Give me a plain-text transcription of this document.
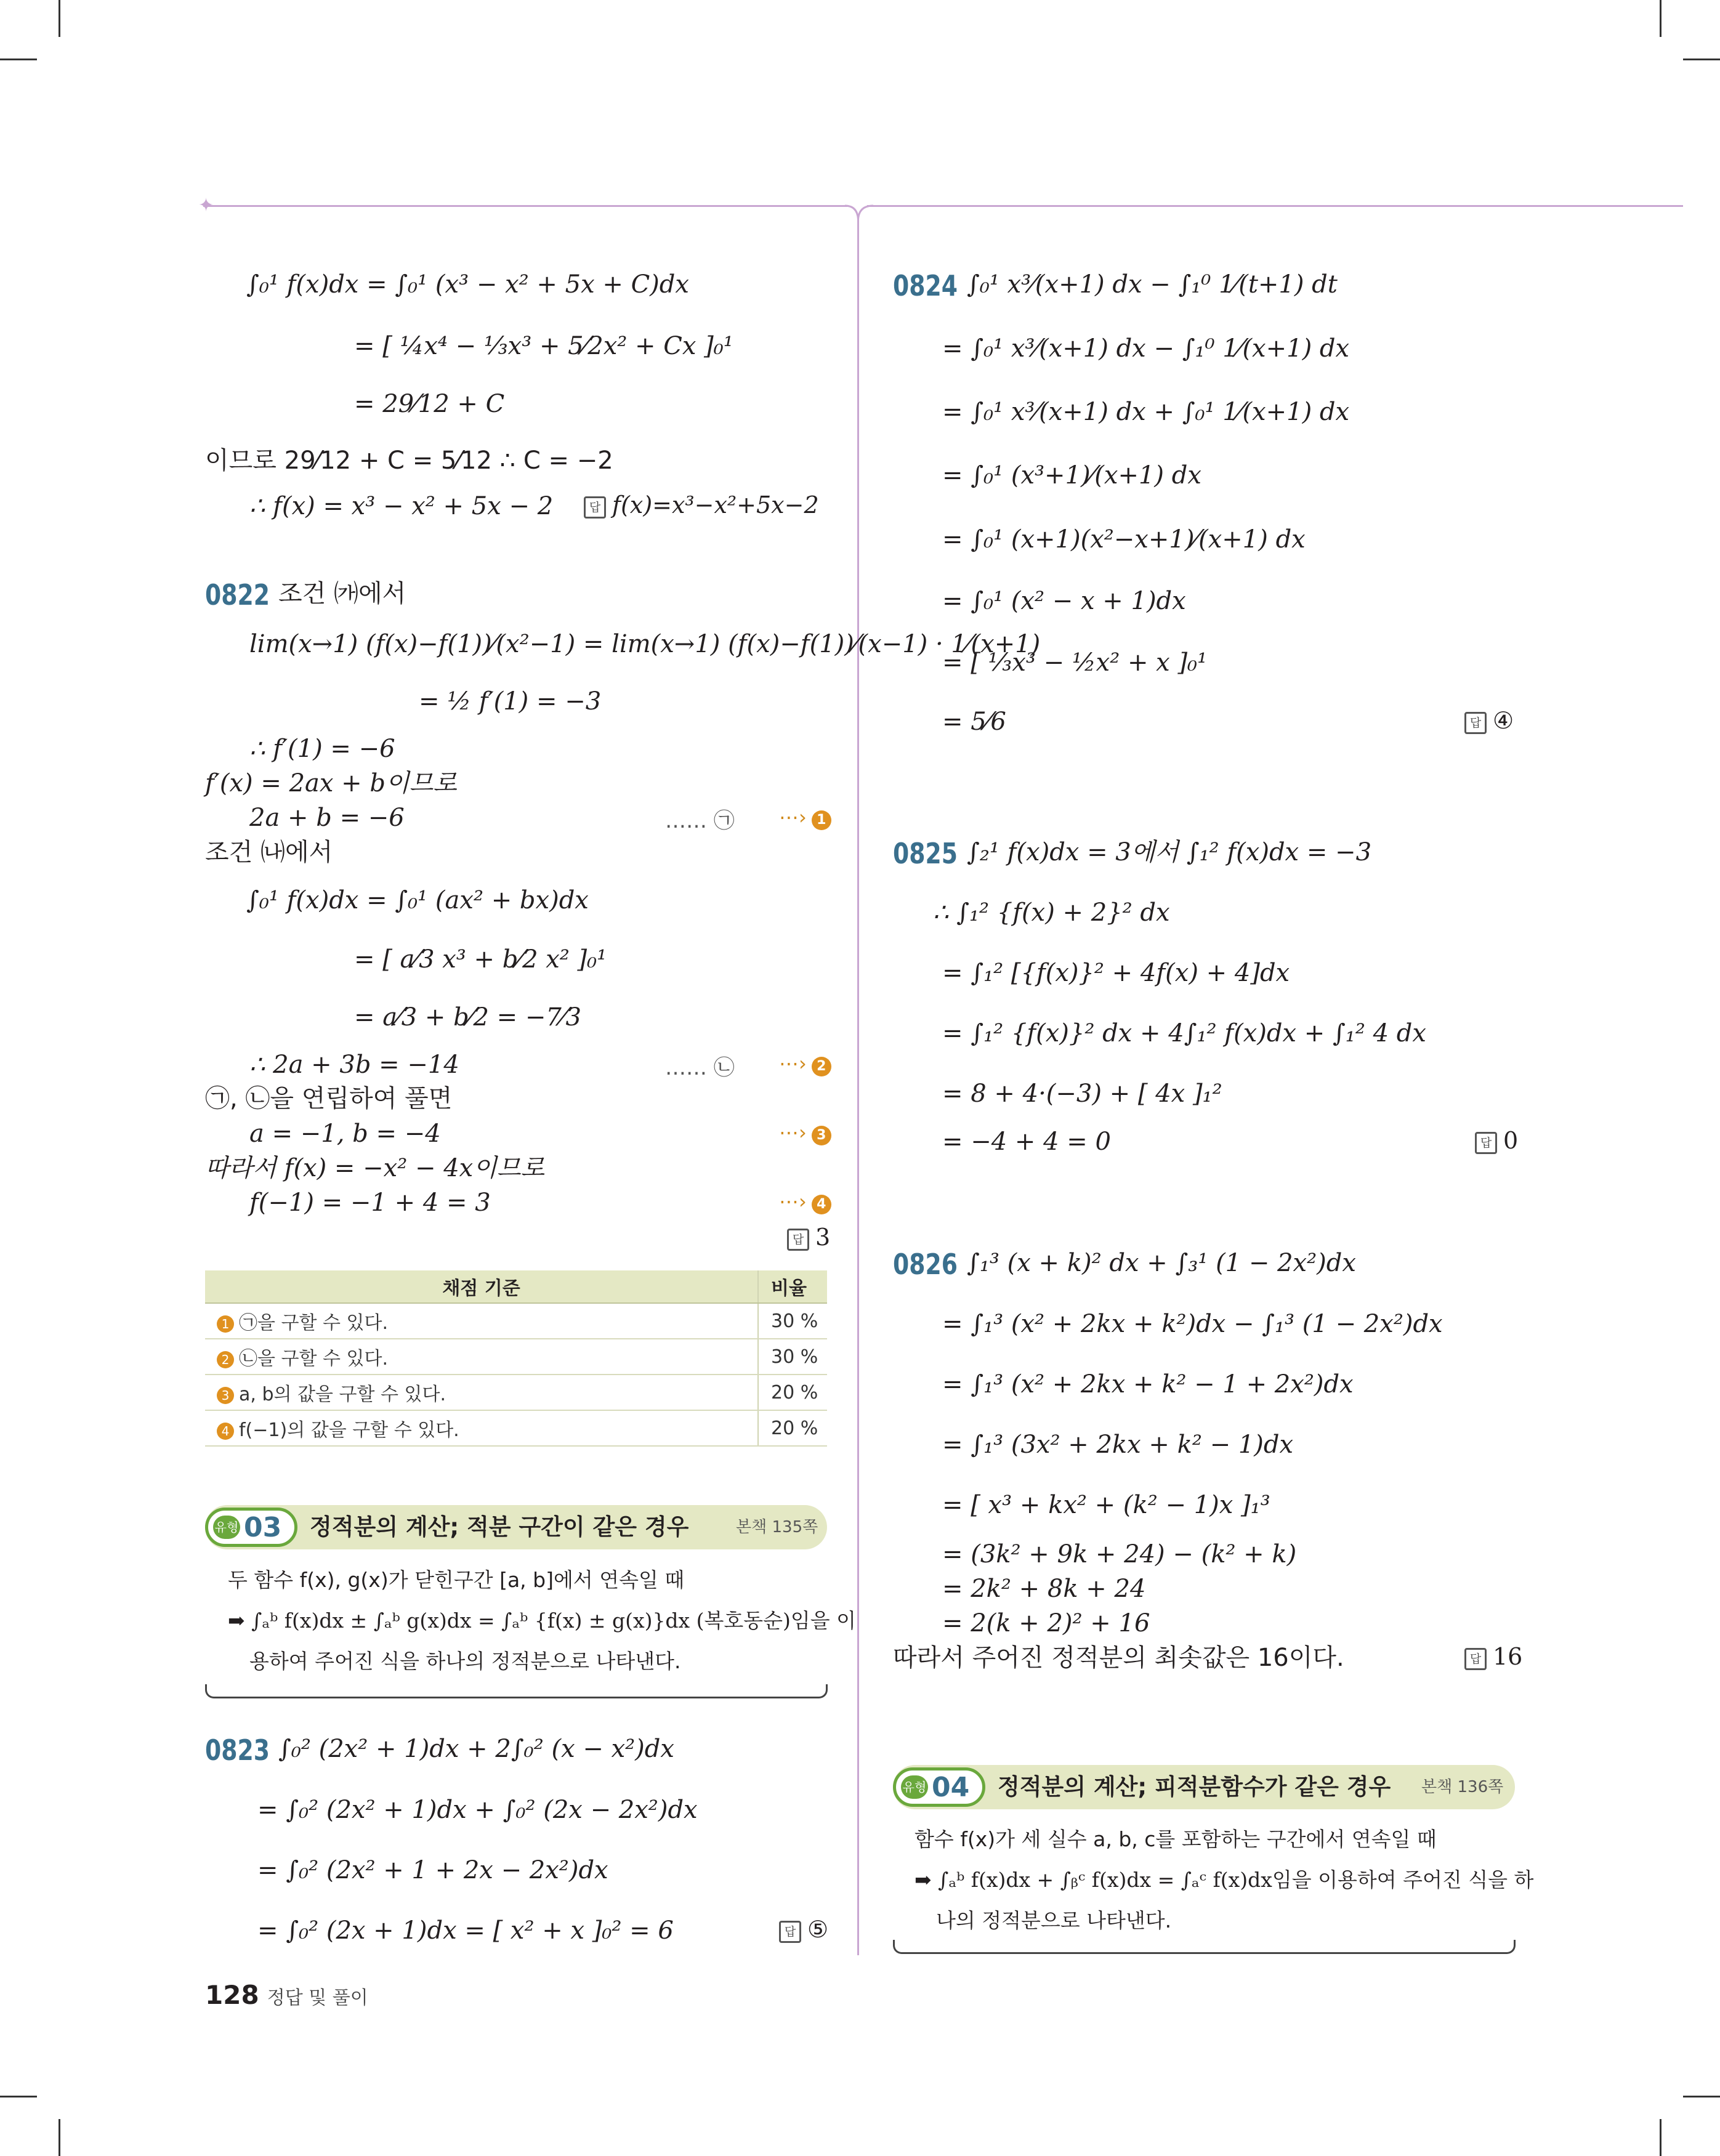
✦
∫₀¹ f(x)dx = ∫₀¹ (x³ − x² + 5x + C)dx
= [ ¼x⁴ − ⅓x³ + 5⁄2x² + Cx ]₀¹
= 29⁄12 + C
이므로 29⁄12 + C = 5⁄12 ∴ C = −2
∴ f(x) = x³ − x² + 5x − 2	답 f(x)=x³−x²+5x−2
0822 조건 ㈎에서
lim(x→1) (f(x)−f(1))⁄(x²−1) = lim(x→1) (f(x)−f(1))⁄(x−1) · 1⁄(x+1)
= ½ f′(1) = −3
∴ f′(1) = −6
f′(x) = 2ax + b이므로
2a + b = −6	…… ㉠ ⋯› 1
조건 ㈏에서
∫₀¹ f(x)dx = ∫₀¹ (ax² + bx)dx
= [ a⁄3 x³ + b⁄2 x² ]₀¹
= a⁄3 + b⁄2 = −7⁄3
∴ 2a + 3b = −14	…… ㉡ ⋯› 2
㉠, ㉡을 연립하여 풀면
a = −1, b = −4	⋯› 3
따라서 f(x) = −x² − 4x이므로
f(−1) = −1 + 4 = 3	⋯› 4
답 3
채점 기준	비율
1 ㉠을 구할 수 있다.	30 %
2 ㉡을 구할 수 있다.	30 %
3 a, b의 값을 구할 수 있다.	20 %
4 f(−1)의 값을 구할 수 있다.	20 %
유형 03 정적분의 계산; 적분 구간이 같은 경우	본책 135쪽
두 함수 f(x), g(x)가 닫힌구간 [a, b]에서 연속일 때
➡ ∫ₐᵇ f(x)dx ± ∫ₐᵇ g(x)dx = ∫ₐᵇ {f(x) ± g(x)}dx (복호동순)임을 이
용하여 주어진 식을 하나의 정적분으로 나타낸다.
0823 ∫₀² (2x² + 1)dx + 2∫₀² (x − x²)dx
= ∫₀² (2x² + 1)dx + ∫₀² (2x − 2x²)dx
= ∫₀² (2x² + 1 + 2x − 2x²)dx
= ∫₀² (2x + 1)dx = [ x² + x ]₀² = 6	답 ⑤
128 정답 및 풀이
0824 ∫₀¹ x³⁄(x+1) dx − ∫₁⁰ 1⁄(t+1) dt
= ∫₀¹ x³⁄(x+1) dx − ∫₁⁰ 1⁄(x+1) dx
= ∫₀¹ x³⁄(x+1) dx + ∫₀¹ 1⁄(x+1) dx
= ∫₀¹ (x³+1)⁄(x+1) dx
= ∫₀¹ (x+1)(x²−x+1)⁄(x+1) dx
= ∫₀¹ (x² − x + 1)dx
= [ ⅓x³ − ½x² + x ]₀¹
= 5⁄6	답 ④
0825 ∫₂¹ f(x)dx = 3에서 ∫₁² f(x)dx = −3
∴ ∫₁² {f(x) + 2}² dx
= ∫₁² [{f(x)}² + 4f(x) + 4]dx
= ∫₁² {f(x)}² dx + 4∫₁² f(x)dx + ∫₁² 4 dx
= 8 + 4·(−3) + [ 4x ]₁²
= −4 + 4 = 0	답 0
0826 ∫₁³ (x + k)² dx + ∫₃¹ (1 − 2x²)dx
= ∫₁³ (x² + 2kx + k²)dx − ∫₁³ (1 − 2x²)dx
= ∫₁³ (x² + 2kx + k² − 1 + 2x²)dx
= ∫₁³ (3x² + 2kx + k² − 1)dx
= [ x³ + kx² + (k² − 1)x ]₁³
= (3k² + 9k + 24) − (k² + k)
= 2k² + 8k + 24
= 2(k + 2)² + 16
따라서 주어진 정적분의 최솟값은 16이다.	답 16
유형 04 정적분의 계산; 피적분함수가 같은 경우 본책 136쪽
함수 f(x)가 세 실수 a, b, c를 포함하는 구간에서 연속일 때
➡ ∫ₐᵇ f(x)dx + ∫ᵦᶜ f(x)dx = ∫ₐᶜ f(x)dx임을 이용하여 주어진 식을 하
나의 정적분으로 나타낸다.
